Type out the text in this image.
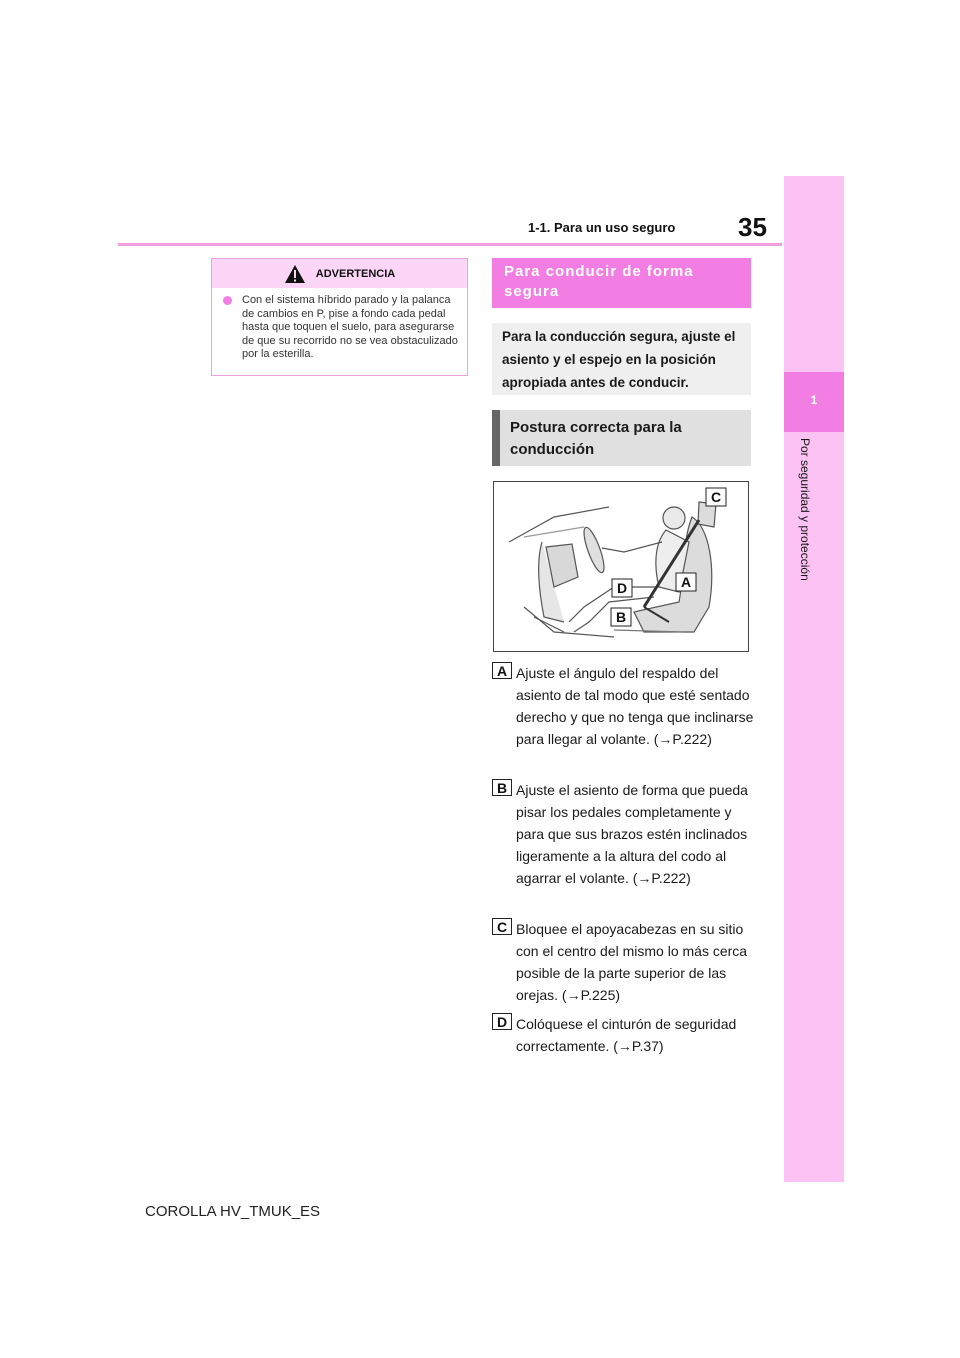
35
1-1. Para un uso seguro
1
Por seguridad y protección
ADVERTENCIA
Con el sistema híbrido parado y la palanca de cambios en P, pise a fondo cada pedal hasta que toquen el suelo, para asegurarse de que su recorrido no se vea obstaculizado por la esterilla.
Para conducir de forma segura
Para la conducción segura, ajuste el asiento y el espejo en la posición apropiada antes de conducir.
Postura correcta para la conducción
C
D	A
B
A Ajuste el ángulo del respaldo del asiento de tal modo que esté sentado derecho y que no tenga que inclinarse para llegar al volante. (→P.222)
B Ajuste el asiento de forma que pueda pisar los pedales completamente y para que sus brazos estén inclinados ligeramente a la altura del codo al agarrar el volante. (→P.222)
C Bloquee el apoyacabezas en su sitio con el centro del mismo lo más cerca posible de la parte superior de las orejas. (→P.225)
D Colóquese el cinturón de seguridad correctamente. (→P.37)
COROLLA HV_TMUK_ES
